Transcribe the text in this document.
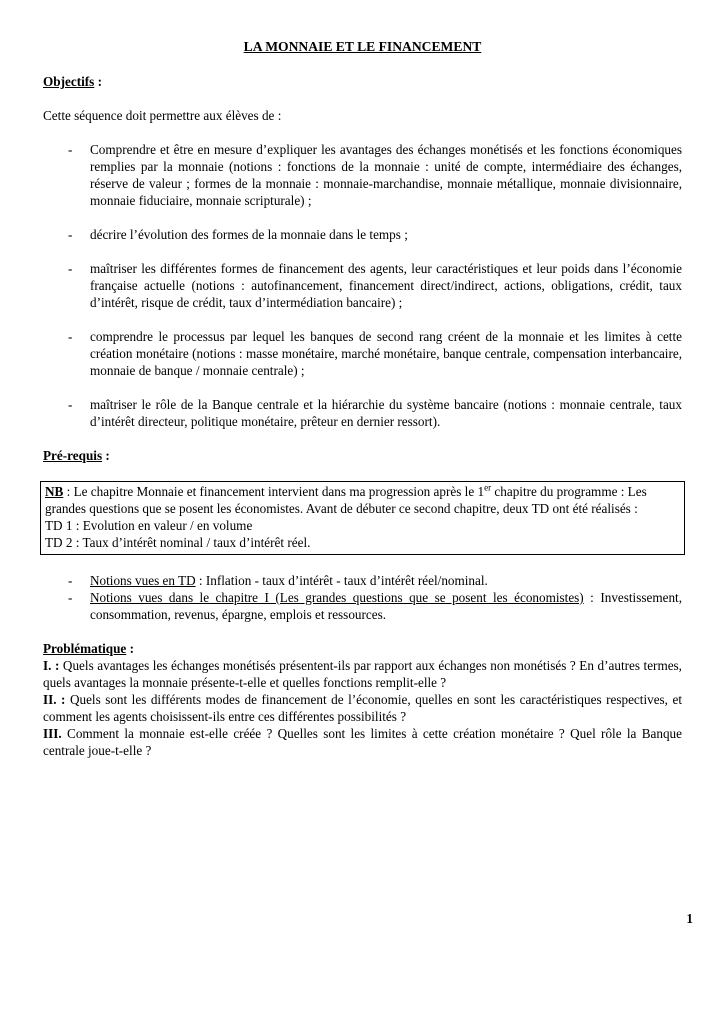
LA MONNAIE ET LE FINANCEMENT
Objectifs :

Cette séquence doit permettre aux élèves de :

-	Comprendre et être en mesure d’expliquer les avantages des échanges monétisés et les fonctions économiques remplies par la monnaie (notions : fonctions de la monnaie : unité de compte, intermédiaire des échanges, réserve de valeur ; formes de la monnaie : monnaie-marchandise, monnaie métallique, monnaie divisionnaire, monnaie fiduciaire, monnaie scripturale) ;
-	décrire l’évolution des formes de la monnaie dans le temps ;
-	maîtriser les différentes formes de financement des agents, leur caractéristiques et leur poids dans l’économie française actuelle (notions : autofinancement, financement direct/indirect, actions, obligations, crédit, taux d’intérêt, risque de crédit, taux d’intermédiation bancaire) ;
-	comprendre le processus par lequel les banques de second rang créent de la monnaie et les limites à cette création monétaire (notions : masse monétaire, marché monétaire, banque centrale, compensation interbancaire, monnaie de banque / monnaie centrale) ;
-	maîtriser le rôle de la Banque centrale et la hiérarchie du système bancaire (notions : monnaie centrale, taux d’intérêt directeur, politique monétaire, prêteur en dernier ressort).
Pré-requis :

NB : Le chapitre Monnaie et financement intervient dans ma progression après le 1er chapitre du programme : Les grandes questions que se posent les économistes. Avant de débuter ce second chapitre, deux TD ont été réalisés :

TD 1 : Evolution en valeur / en volume

TD 2 : Taux d’intérêt nominal / taux d’intérêt réel.

-	Notions vues en TD : Inflation - taux d’intérêt - taux d’intérêt réel/nominal.
-	Notions vues dans le chapitre I (Les grandes questions que se posent les économistes) : Investissement, consommation, revenus, épargne, emplois et ressources.
Problématique :

I. : Quels avantages les échanges monétisés présentent-ils par rapport aux échanges non monétisés ? En d’autres termes, quels avantages la monnaie présente-t-elle et quelles fonctions remplit-elle ?

II. : Quels sont les différents modes de financement de l’économie, quelles en sont les caractéristiques respectives, et comment les agents choisissent-ils entre ces différentes possibilités ?

III. Comment la monnaie est-elle créée ? Quelles sont les limites à cette création monétaire ? Quel rôle la Banque centrale joue-t-elle ?

1
